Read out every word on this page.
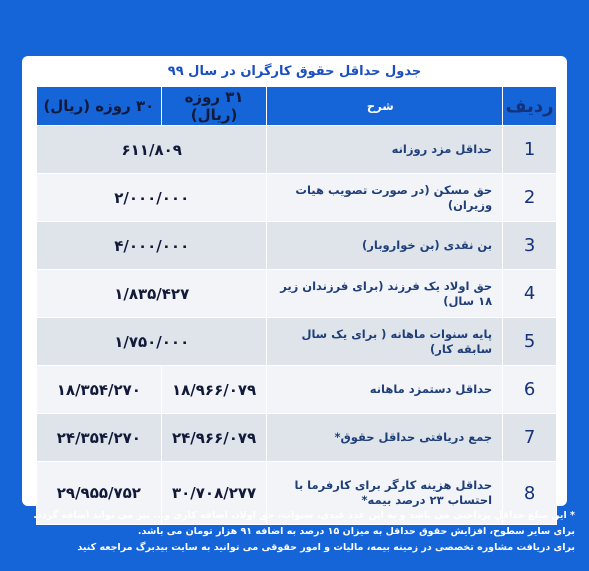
جدول حداقل حقوق کارگران در سال ۹۹
ردیف	شرح	۳۱ روزه (ریال)	۳۰ روزه (ریال)
1	حداقل مزد روزانه	۶۱۱/۸۰۹	
2	حق مسکن (در صورت تصویب هیات وزیران)	۲/۰۰۰/۰۰۰	
3	بن نقدی (بن خواروبار)	۴/۰۰۰/۰۰۰	
4	حق اولاد یک فرزند (برای فرزندان زیر ۱۸ سال)	۱/۸۳۵/۴۲۷	
5	پایه سنوات ماهانه ( برای یک سال سابقه کار)	۱/۷۵۰/۰۰۰	
6	حداقل دستمزد ماهانه	۱۸/۹۶۶/۰۷۹	۱۸/۳۵۴/۲۷۰
7	جمع دریافتی حداقل حقوق*	۲۴/۹۶۶/۰۷۹	۲۴/۳۵۴/۲۷۰
8	حداقل هزینه کارگر برای کارفرما با احتساب ۲۳ درصد بیمه*	۳۰/۷۰۸/۲۷۷	۲۹/۹۵۵/۷۵۲

* این مبلغ حداقل پرداختی می باشد و به این عدد عیدی، سنوات، حق اولاد، اضافه کاری و... نیز می تواند اضافه گردد.

برای سایر سطوح، افزایش حقوق حداقل به میزان ۱۵ درصد به اضافه ۹۱ هزار تومان می باشد.

برای دریافت مشاوره تخصصی در زمینه بیمه، مالیات و امور حقوقی می توانید به سایت بیدبرگ مراجعه کنید
